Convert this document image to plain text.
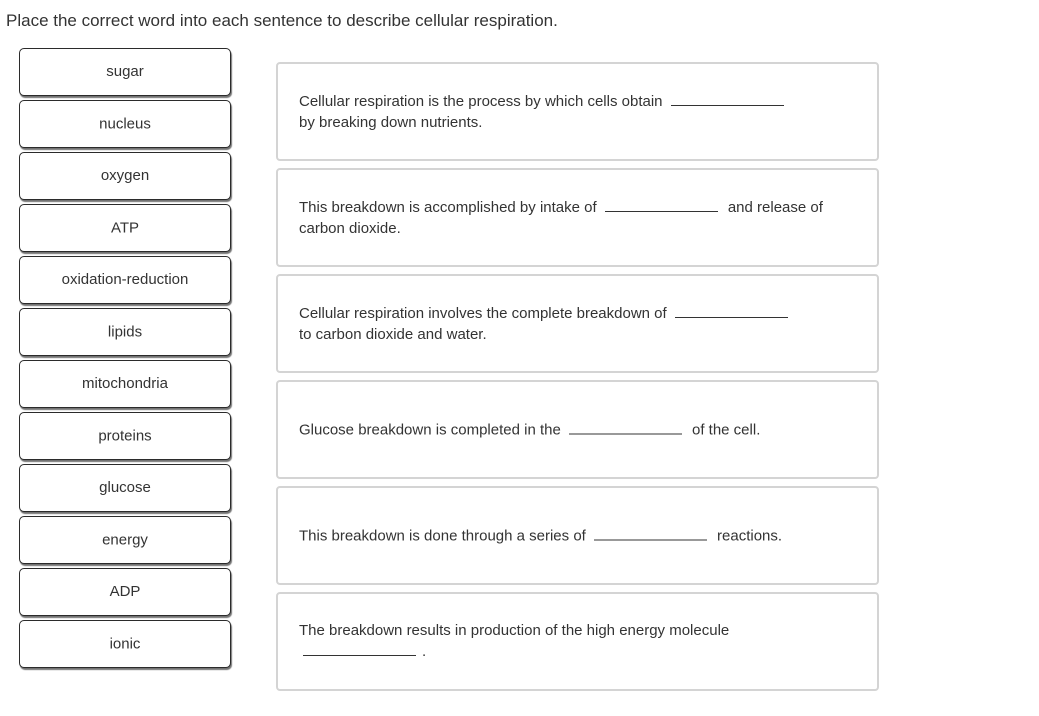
Place the correct word into each sentence to describe cellular respiration.
sugar
nucleus
oxygen
ATP
oxidation-reduction
lipids
mitochondria
proteins
glucose
energy
ADP
ionic
Cellular respiration is the process by which cells obtain
by breaking down nutrients.
This breakdown is accomplished by intake of	and release of carbon dioxide.
Cellular respiration involves the complete breakdown of
to carbon dioxide and water.
Glucose breakdown is completed in the	of the cell.
This breakdown is done through a series of	reactions.
The breakdown results in production of the high energy molecule
.
